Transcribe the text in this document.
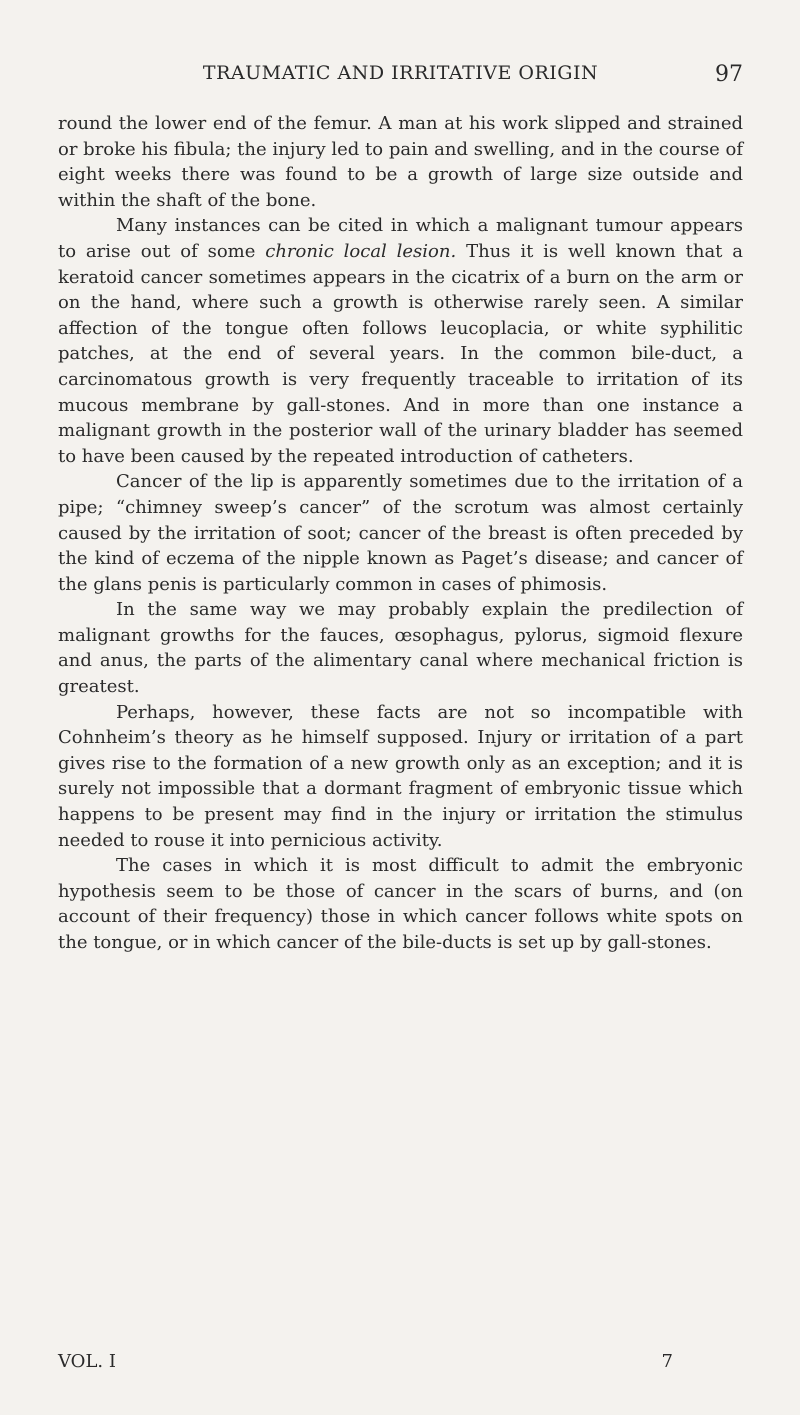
TRAUMATIC AND IRRITATIVE ORIGIN	97

round the lower end of the femur. A man at his work slipped and strained or broke his fibula; the injury led to pain and swelling, and in the course of eight weeks there was found to be a growth of large size outside and within the shaft of the bone.

Many instances can be cited in which a malignant tumour appears to arise out of some chronic local lesion. Thus it is well known that a keratoid cancer sometimes appears in the cicatrix of a burn on the arm or on the hand, where such a growth is otherwise rarely seen. A similar affection of the tongue often follows leucoplacia, or white syphilitic patches, at the end of several years. In the common bile-duct, a carcinomatous growth is very frequently traceable to irritation of its mucous membrane by gall-stones. And in more than one instance a malignant growth in the posterior wall of the urinary bladder has seemed to have been caused by the repeated introduction of catheters.

Cancer of the lip is apparently sometimes due to the irritation of a pipe; “chimney sweep’s cancer” of the scrotum was almost certainly caused by the irritation of soot; cancer of the breast is often preceded by the kind of eczema of the nipple known as Paget’s disease; and cancer of the glans penis is particularly common in cases of phimosis.

In the same way we may probably explain the predilection of malignant growths for the fauces, œsophagus, pylorus, sigmoid flexure and anus, the parts of the alimentary canal where mechanical friction is greatest.

Perhaps, however, these facts are not so incompatible with Cohnheim’s theory as he himself supposed. Injury or irritation of a part gives rise to the formation of a new growth only as an exception; and it is surely not impossible that a dormant fragment of embryonic tissue which happens to be present may find in the injury or irritation the stimulus needed to rouse it into pernicious activity.

The cases in which it is most difficult to admit the embryonic hypothesis seem to be those of cancer in the scars of burns, and (on account of their frequency) those in which cancer follows white spots on the tongue, or in which cancer of the bile-ducts is set up by gall-stones.

VOL. I	7
